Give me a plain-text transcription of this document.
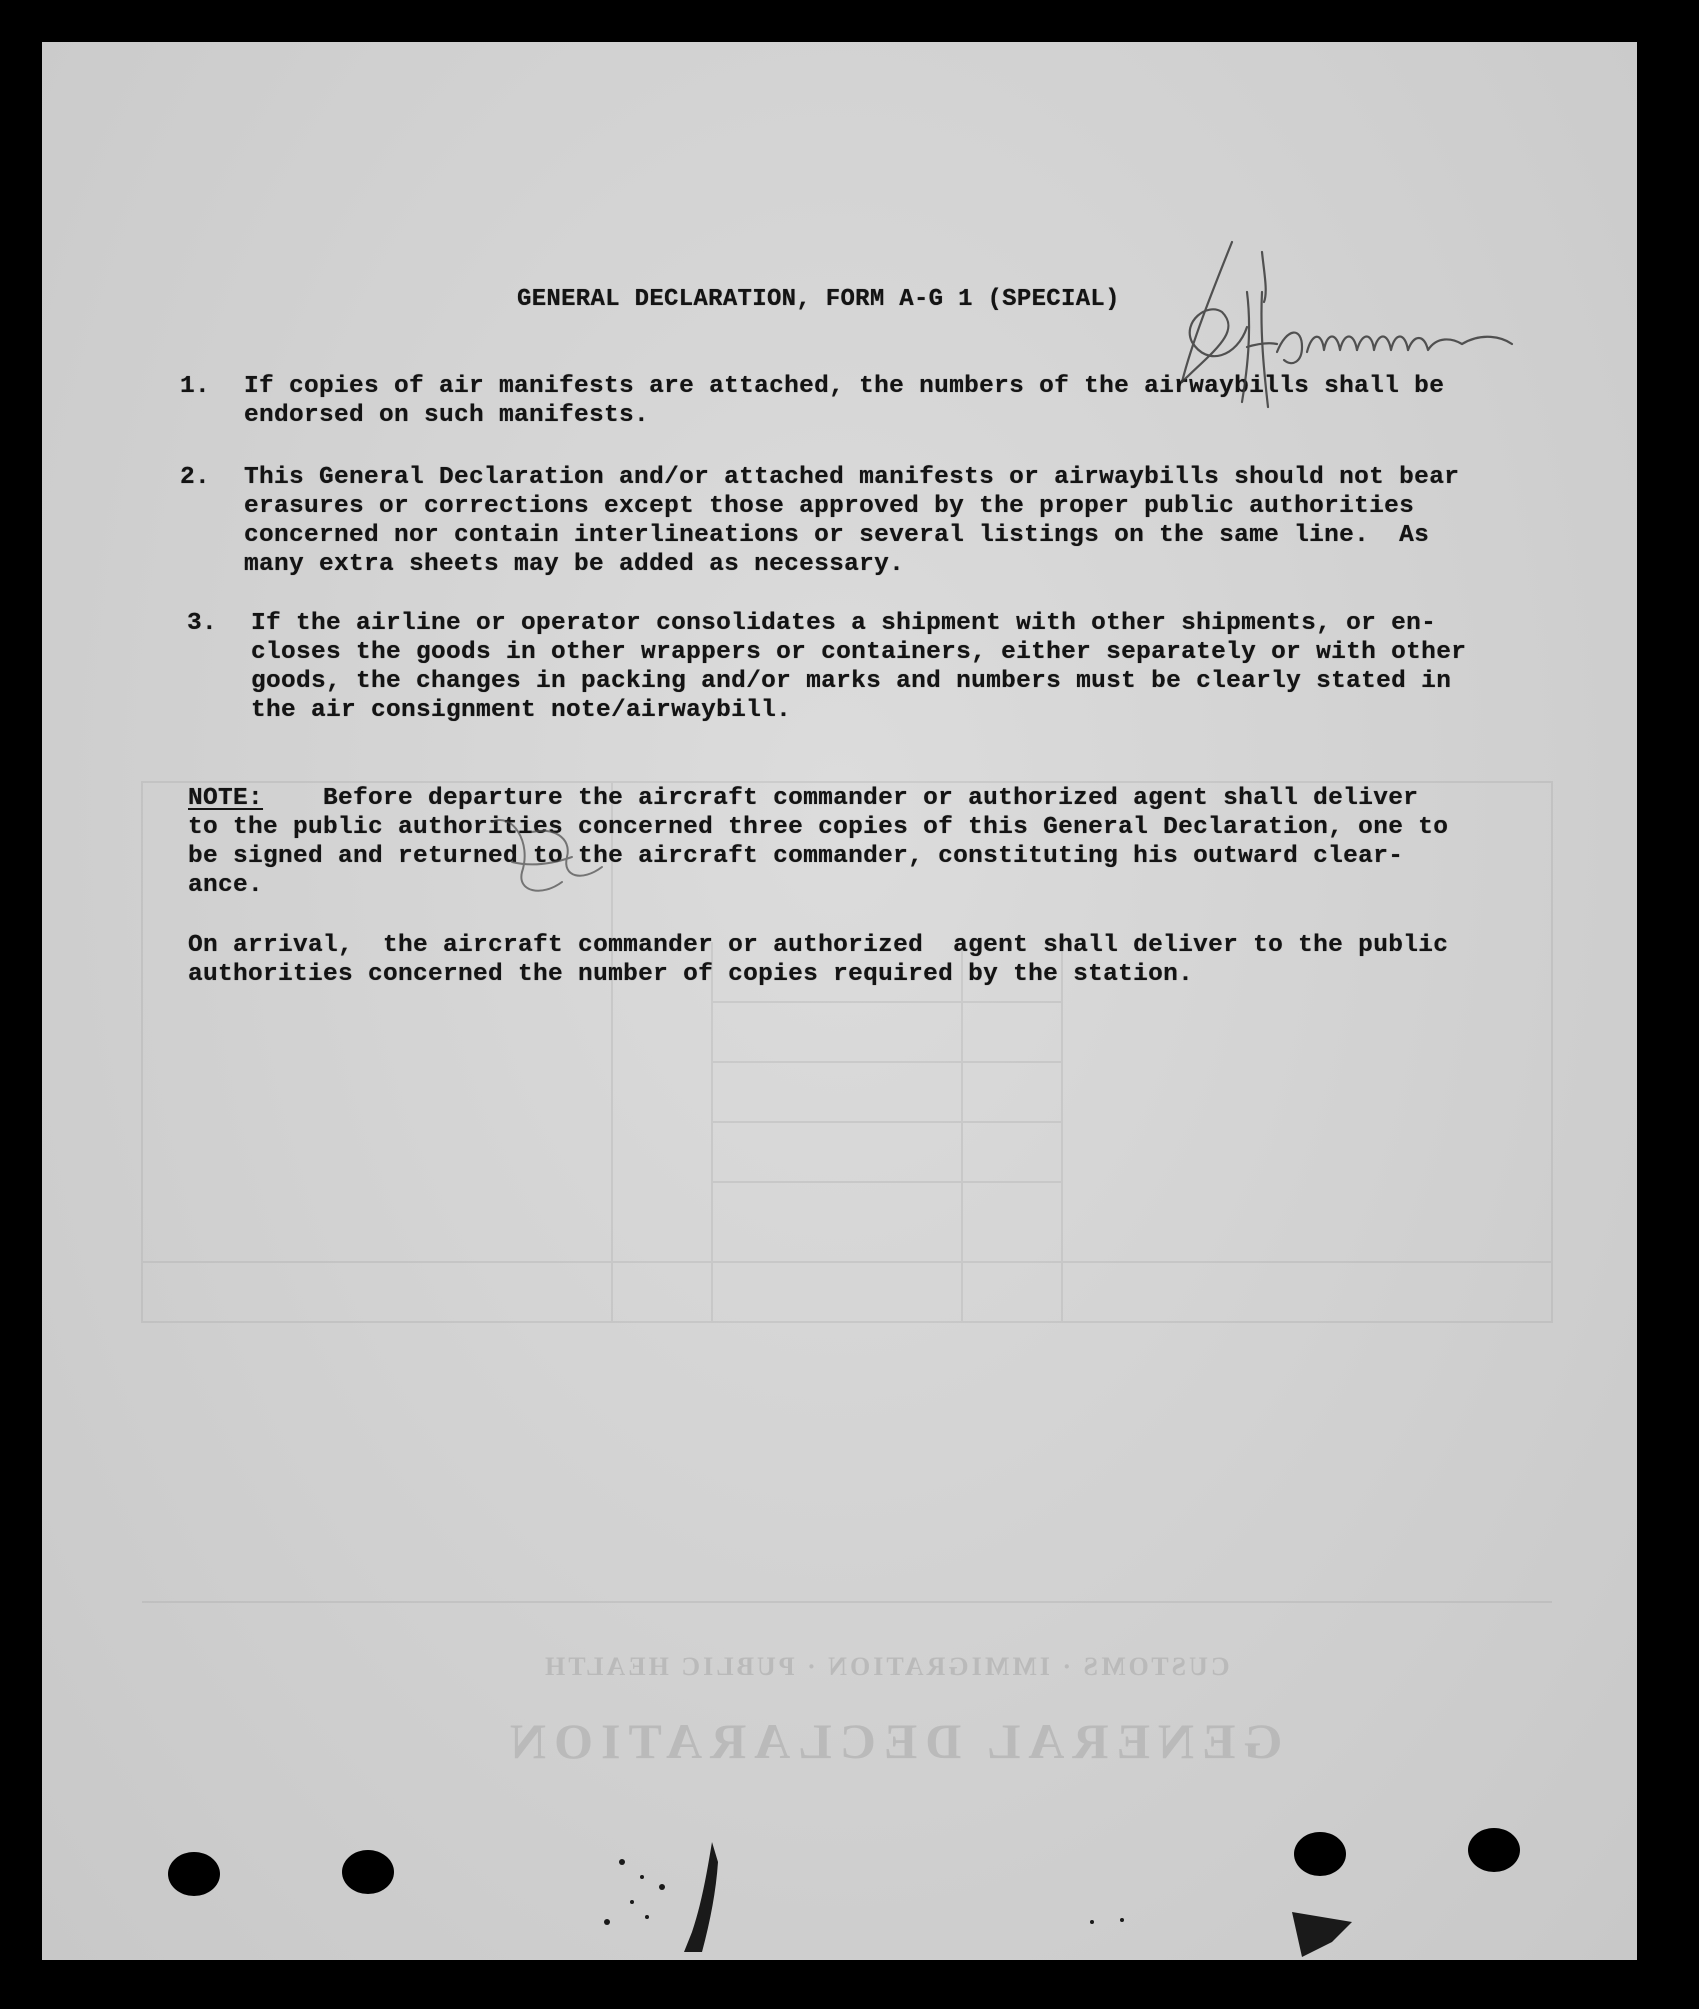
GENERAL DECLARATION
CUSTOMS · IMMIGRATION · PUBLIC HEALTH
GENERAL DECLARATION, FORM A-G 1 (SPECIAL)
1. If copies of air manifests are attached, the numbers of the airwaybills shall be
endorsed on such manifests.
2. This General Declaration and/or attached manifests or airwaybills should not bear
erasures or corrections except those approved by the proper public authorities
concerned nor contain interlineations or several listings on the same line.  As
many extra sheets may be added as necessary.
3. If the airline or operator consolidates a shipment with other shipments, or en-
closes the goods in other wrappers or containers, either separately or with other
goods, the changes in packing and/or marks and numbers must be clearly stated in
the air consignment note/airwaybill.
NOTE:    Before departure the aircraft commander or authorized agent shall deliver
to the public authorities concerned three copies of this General Declaration, one to
be signed and returned to the aircraft commander, constituting his outward clear-
ance.
On arrival,  the aircraft commander or authorized  agent shall deliver to the public
authorities concerned the number of copies required by the station.
